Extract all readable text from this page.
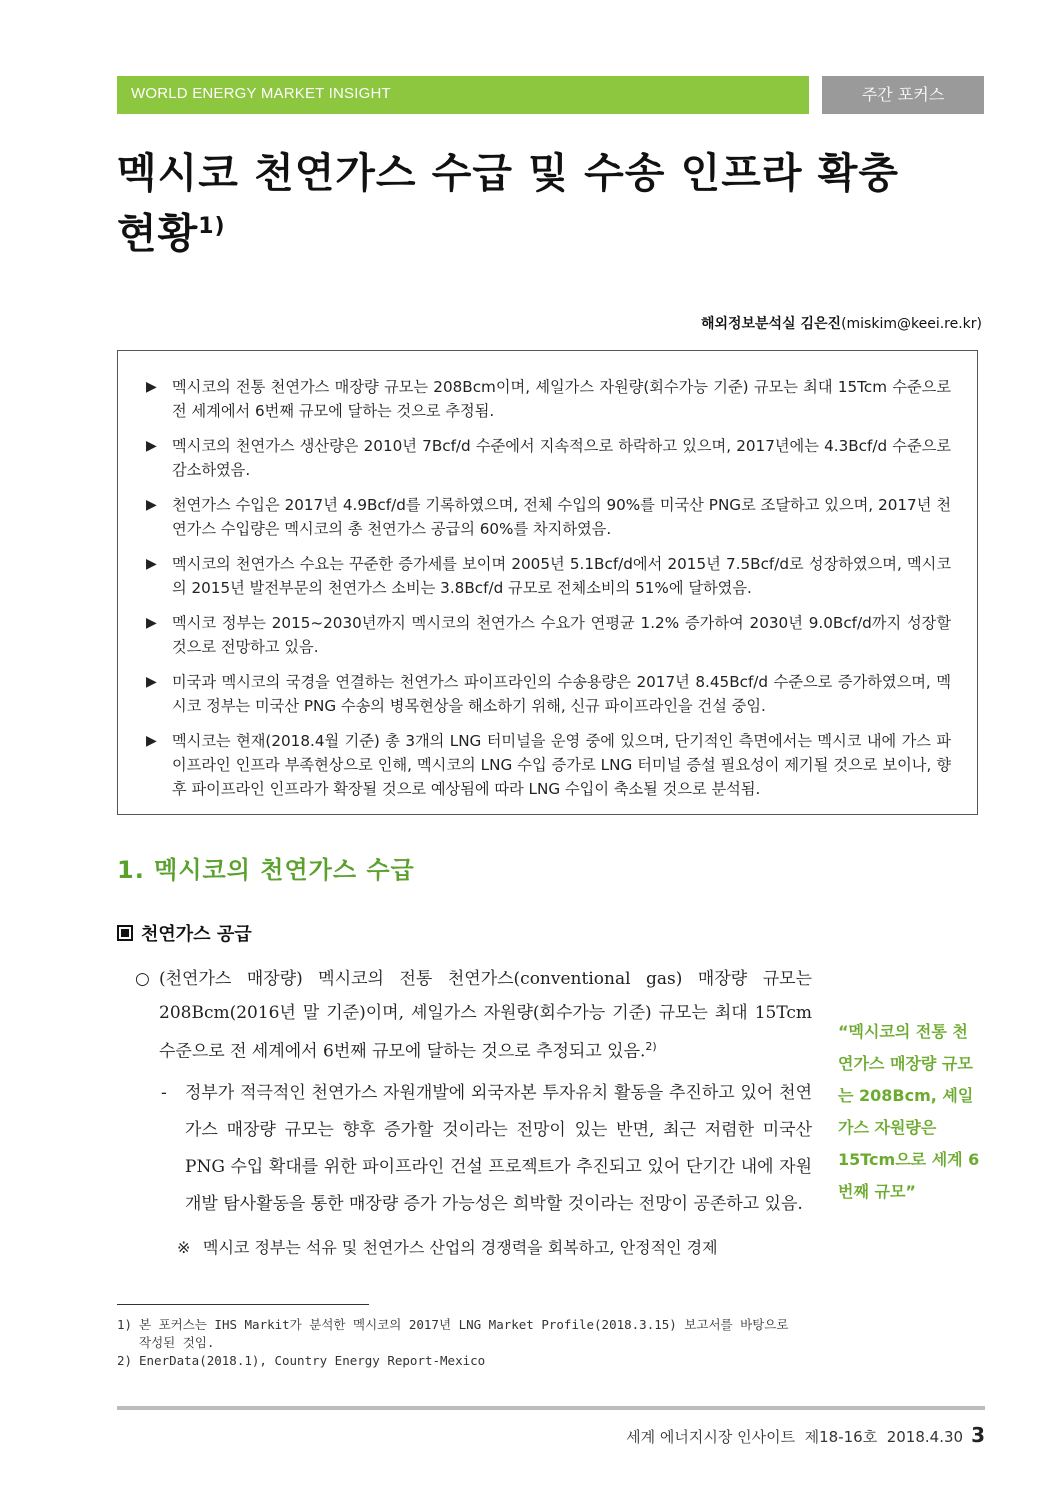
WORLD ENERGY MARKET INSIGHT	주간 포커스
멕시코 천연가스 수급 및 수송 인프라 확충
현황$^{1)}$
해외정보분석실 김은진(miskim@keei.re.kr)
▶ 멕시코의 전통 천연가스 매장량 규모는 208Bcm이며, 셰일가스 자원량(회수가능 기준) 규모는 최대 15Tcm 수준으로 전 세계에서 6번째 규모에 달하는 것으로 추정됨.
▶ 멕시코의 천연가스 생산량은 2010년 7Bcf/d 수준에서 지속적으로 하락하고 있으며, 2017년에는 4.3Bcf/d 수준으로 감소하였음.
▶ 천연가스 수입은 2017년 4.9Bcf/d를 기록하였으며, 전체 수입의 90%를 미국산 PNG로 조달하고 있으며, 2017년 천연가스 수입량은 멕시코의 총 천연가스 공급의 60%를 차지하였음.
▶ 멕시코의 천연가스 수요는 꾸준한 증가세를 보이며 2005년 5.1Bcf/d에서 2015년 7.5Bcf/d로 성장하였으며, 멕시코의 2015년 발전부문의 천연가스 소비는 3.8Bcf/d 규모로 전체소비의 51%에 달하였음.
▶ 멕시코 정부는 2015~2030년까지 멕시코의 천연가스 수요가 연평균 1.2% 증가하여 2030년 9.0Bcf/d까지 성장할 것으로 전망하고 있음.
▶ 미국과 멕시코의 국경을 연결하는 천연가스 파이프라인의 수송용량은 2017년 8.45Bcf/d 수준으로 증가하였으며, 멕시코 정부는 미국산 PNG 수송의 병목현상을 해소하기 위해, 신규 파이프라인을 건설 중임.
▶ 멕시코는 현재(2018.4월 기준) 총 3개의 LNG 터미널을 운영 중에 있으며, 단기적인 측면에서는 멕시코 내에 가스 파이프라인 인프라 부족현상으로 인해, 멕시코의 LNG 수입 증가로 LNG 터미널 증설 필요성이 제기될 것으로 보이나, 향후 파이프라인 인프라가 확장될 것으로 예상됨에 따라 LNG 수입이 축소될 것으로 분석됨.
1. 멕시코의 천연가스 수급
천연가스 공급

○ (천연가스 매장량) 멕시코의 전통 천연가스(conventional gas) 매장량 규모는 208Bcm(2016년 말 기준)이며, 셰일가스 자원량(회수가능 기준) 규모는 최대 15Tcm 수준으로 전 세계에서 6번째 규모에 달하는 것으로 추정되고 있음.$^{2)}$

- 정부가 적극적인 천연가스 자원개발에 외국자본 투자유치 활동을 추진하고 있어 천연가스 매장량 규모는 향후 증가할 것이라는 전망이 있는 반면, 최근 저렴한 미국산 PNG 수입 확대를 위한 파이프라인 건설 프로젝트가 추진되고 있어 단기간 내에 자원개발 탐사활동을 통한 매장량 증가 가능성은 희박할 것이라는 전망이 공존하고 있음.

※ 멕시코 정부는 석유 및 천연가스 산업의 경쟁력을 회복하고, 안정적인 경제

“멕시코의 전통 천연가스 매장량 규모는 208Bcm, 셰일가스 자원량은 15Tcm으로 세계 6번째 규모”
1) 본 포커스는 IHS Markit가 분석한 멕시코의 2017년 LNG Market Profile(2018.3.15) 보고서를 바탕으로 작성된 것임.
2) EnerData(2018.1), Country Energy Report-Mexico
세계 에너지시장 인사이트  제18-16호  2018.4.30 3
